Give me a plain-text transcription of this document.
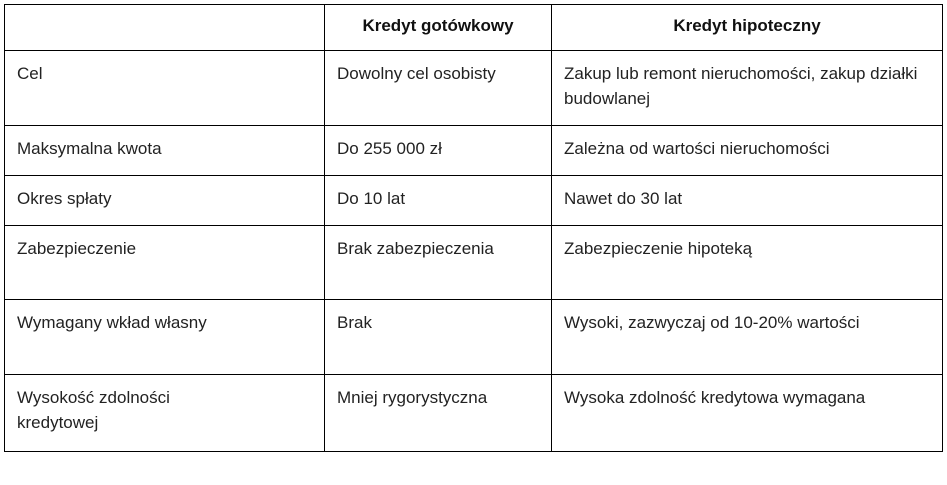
	Kredyt gotówkowy	Kredyt hipoteczny
Cel	Dowolny cel osobisty	Zakup lub remont nieruchomości, zakup działki budowlanej
Maksymalna kwota	Do 255 000 zł	Zależna od wartości nieruchomości
Okres spłaty	Do 10 lat	Nawet do 30 lat
Zabezpieczenie	Brak zabezpieczenia	Zabezpieczenie hipoteką
Wymagany wkład własny	Brak	Wysoki, zazwyczaj od 10-20% wartości
Wysokość zdolności kredytowej	Mniej rygorystyczna	Wysoka zdolność kredytowa wymagana
